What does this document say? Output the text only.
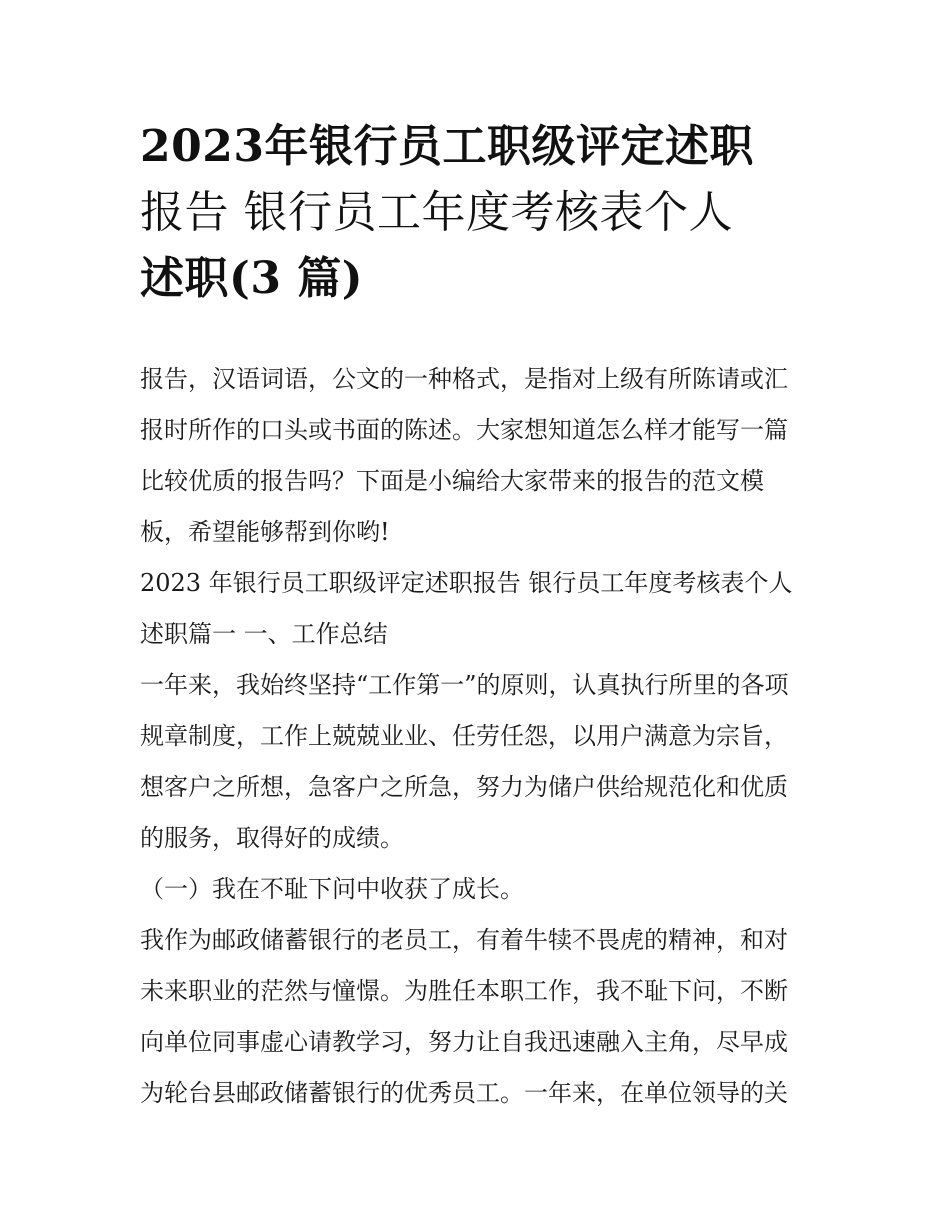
2023年银行员工职级评定述职
报告 银行员工年度考核表个人
述职(3 篇)
报告，汉语词语，公文的一种格式，是指对上级有所陈请或汇
报时所作的口头或书面的陈述。大家想知道怎么样才能写一篇
比较优质的报告吗？下面是小编给大家带来的报告的范文模
板，希望能够帮到你哟!
2023 年银行员工职级评定述职报告 银行员工年度考核表个人
述职篇一 一、工作总结
一年来，我始终坚持“工作第一”的原则，认真执行所里的各项
规章制度，工作上兢兢业业、任劳任怨，以用户满意为宗旨，
想客户之所想，急客户之所急，努力为储户供给规范化和优质
的服务，取得好的成绩。
（一）我在不耻下问中收获了成长。
我作为邮政储蓄银行的老员工，有着牛犊不畏虎的精神，和对
未来职业的茫然与憧憬。为胜任本职工作，我不耻下问，不断
向单位同事虚心请教学习，努力让自我迅速融入主角，尽早成
为轮台县邮政储蓄银行的优秀员工。一年来，在单位领导的关
